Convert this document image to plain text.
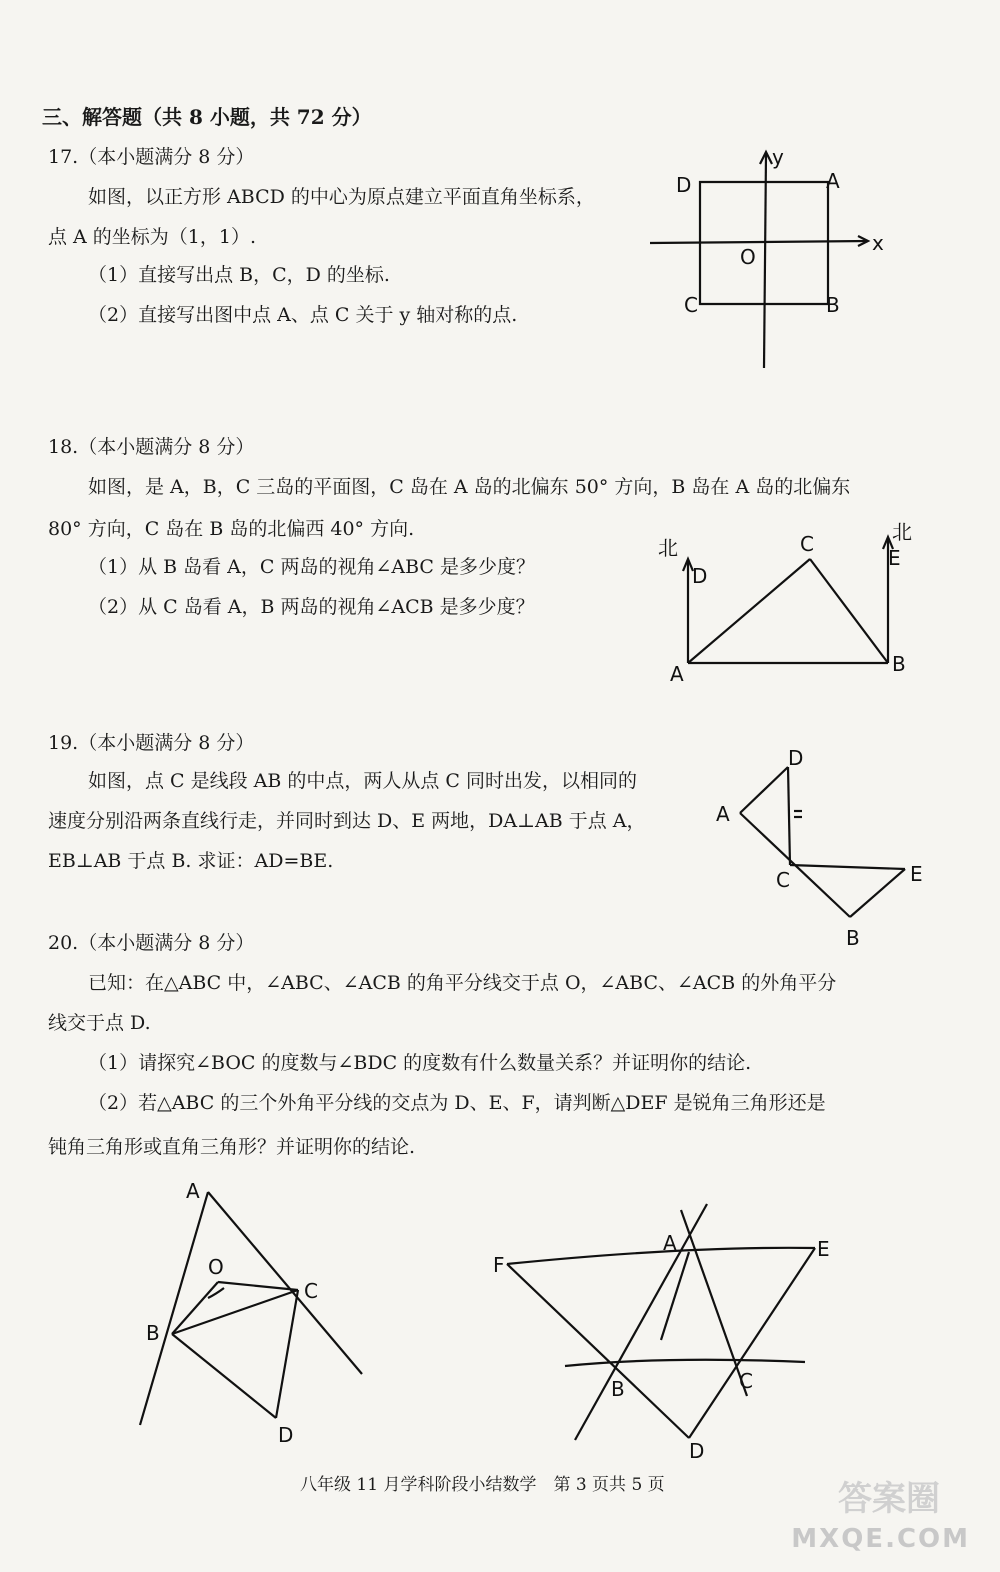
三、解答题（共 8 小题，共 72 分）
17.（本小题满分 8 分）
如图，以正方形 ABCD 的中心为原点建立平面直角坐标系，
点 A 的坐标为（1，1）.
（1）直接写出点 B，C，D 的坐标.
（2）直接写出图中点 A、点 C 关于 y 轴对称的点.
D	A
C	B
O
x
y
18.（本小题满分 8 分）
如图，是 A，B，C 三岛的平面图，C 岛在 A 岛的北偏东 50° 方向，B 岛在 A 岛的北偏东
80° 方向，C 岛在 B 岛的北偏西 40° 方向.
（1）从 B 岛看 A，C 两岛的视角∠ABC 是多少度？
（2）从 C 岛看 A，B 两岛的视角∠ACB 是多少度？
北
D
C	北
E
A	B
19.（本小题满分 8 分）
如图，点 C 是线段 AB 的中点，两人从点 C 同时出发，以相同的
速度分别沿两条直线行走，并同时到达 D、E 两地，DA⊥AB 于点 A，
EB⊥AB 于点 B. 求证：AD=BE.
D
A
C	E
B
20.（本小题满分 8 分）
已知：在△ABC 中，∠ABC、∠ACB 的角平分线交于点 O，∠ABC、∠ACB 的外角平分
线交于点 D.
（1）请探究∠BOC 的度数与∠BDC 的度数有什么数量关系？并证明你的结论.
（2）若△ABC 的三个外角平分线的交点为 D、E、F，请判断△DEF 是锐角三角形还是
钝角三角形或直角三角形？并证明你的结论.
A
O
C
B
D
A
F
E
B	C
D
八年级 11 月学科阶段小结数学　第 3 页共 5 页	答案圈
MXQE.COM
